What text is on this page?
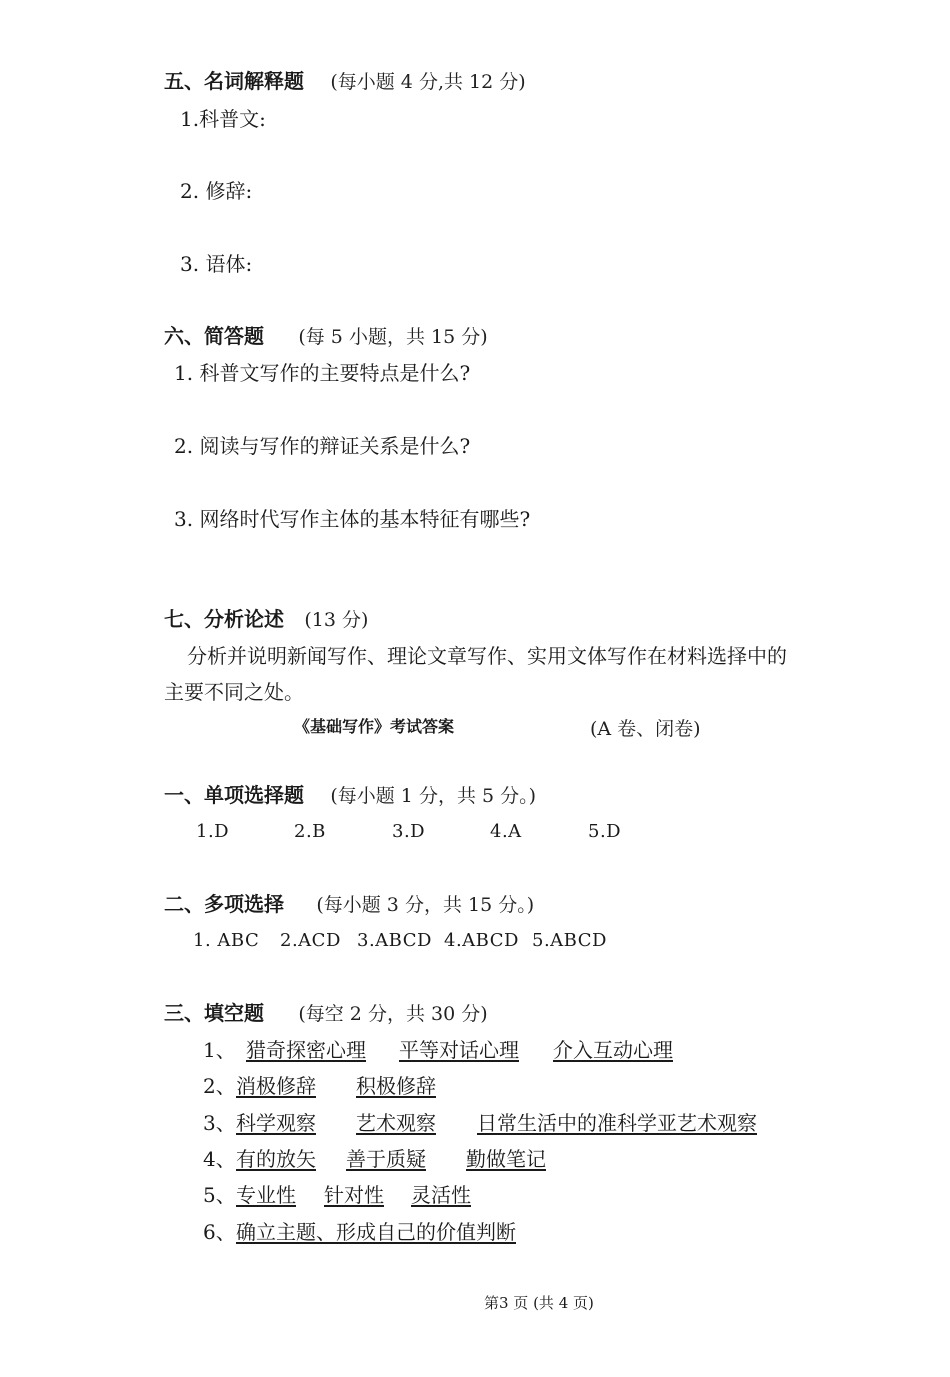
五、名词解释题 (每小题 4 分,共 12 分)
1.科普文:
2. 修辞:
3. 语体:
六、简答题 (每 5 小题，共 15 分)
1. 科普文写作的主要特点是什么?
2. 阅读与写作的辩证关系是什么?
3. 网络时代写作主体的基本特征有哪些?
七、分析论述 (13 分)
分析并说明新闻写作、理论文章写作、实用文体写作在材料选择中的
主要不同之处。
《基础写作》考试答案	(A 卷、闭卷)
一、单项选择题 (每小题 1 分，共 5 分。)
1.D	2.B	3.D	4.A	5.D
二、多项选择 (每小题 3 分，共 15 分。)
1. ABC 2.ACD 3.ABCD 4.ABCD 5.ABCD
三、填空题 (每空 2 分，共 30 分)
1、 猎奇探密心理 平等对话心理 介入互动心理
2、 消极修辞 积极修辞
3、 科学观察 艺术观察 日常生活中的准科学亚艺术观察
4、 有的放矢 善于质疑 勤做笔记
5、 专业性 针对性 灵活性
6、 确立主题、形成自己的价值判断
第3 页 (共 4 页)
